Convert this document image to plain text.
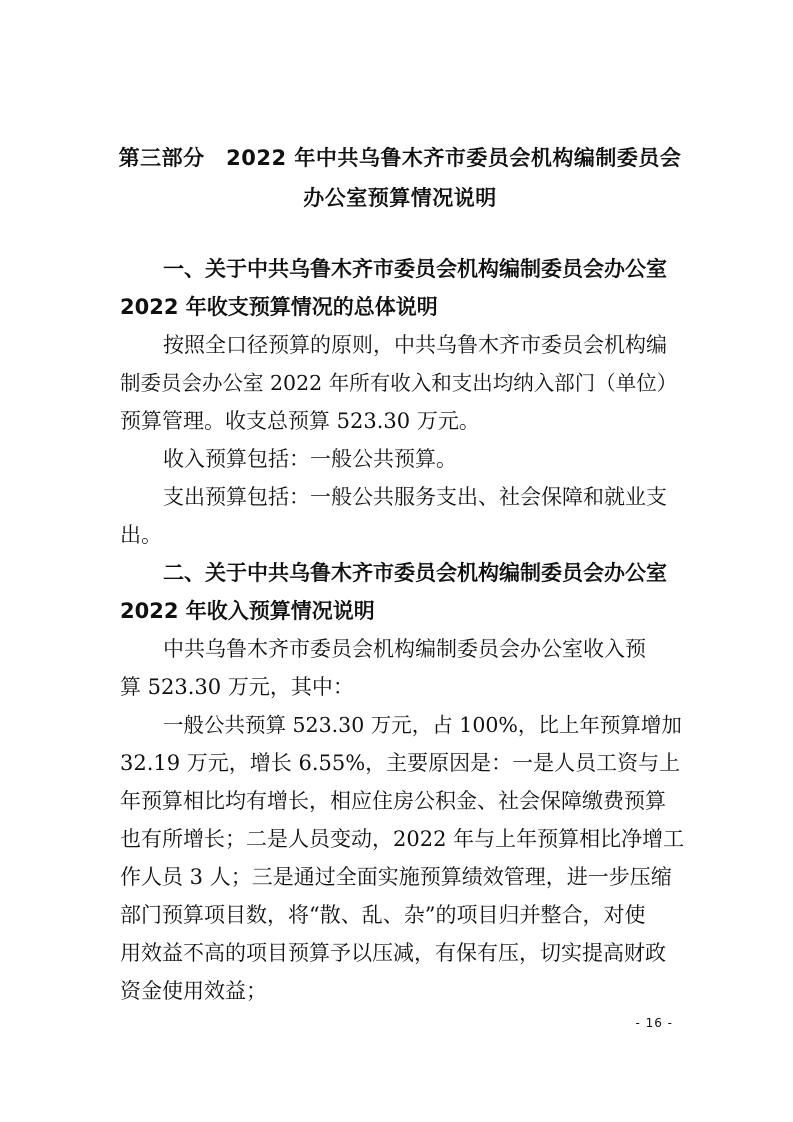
第三部分　2022 年中共乌鲁木齐市委员会机构编制委员会
办公室预算情况说明
一、关于中共乌鲁木齐市委员会机构编制委员会办公室
2022 年收支预算情况的总体说明
按照全口径预算的原则，中共乌鲁木齐市委员会机构编
制委员会办公室 2022 年所有收入和支出均纳入部门（单位）
预算管理。收支总预算 523.30 万元。
收入预算包括：一般公共预算。
支出预算包括：一般公共服务支出、社会保障和就业支
出。
二、关于中共乌鲁木齐市委员会机构编制委员会办公室
2022 年收入预算情况说明
中共乌鲁木齐市委员会机构编制委员会办公室收入预
算 523.30 万元，其中：
一般公共预算 523.30 万元，占 100%，比上年预算增加
32.19 万元，增长 6.55%，主要原因是：一是人员工资与上
年预算相比均有增长，相应住房公积金、社会保障缴费预算
也有所增长；二是人员变动，2022 年与上年预算相比净增工
作人员 3 人；三是通过全面实施预算绩效管理，进一步压缩
部门预算项目数，将“散、乱、杂”的项目归并整合，对使
用效益不高的项目预算予以压减，有保有压，切实提高财政
资金使用效益；
- 16 -
